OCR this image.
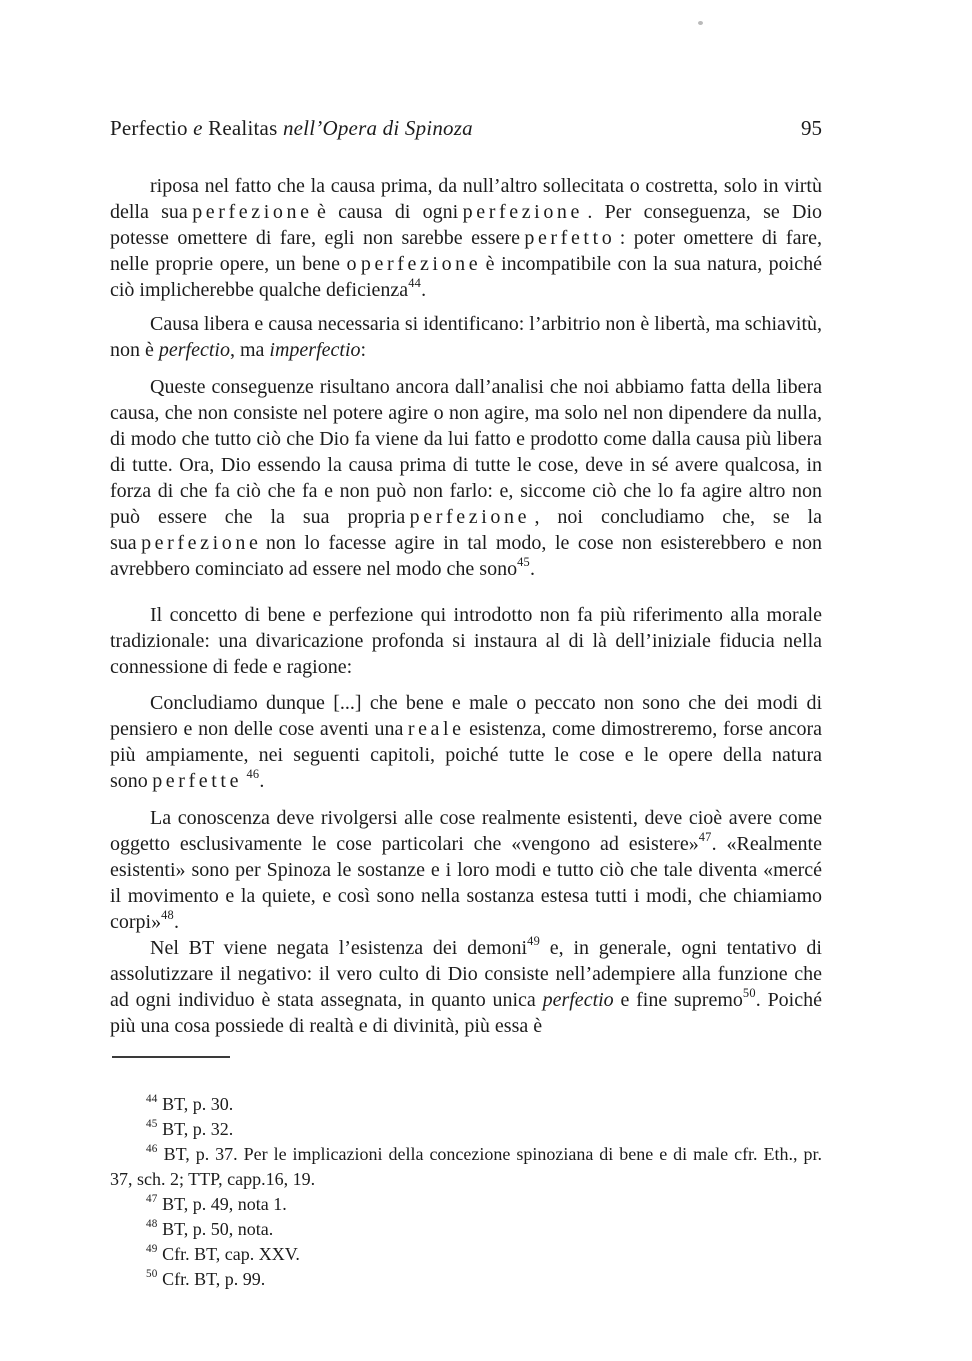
Perfectio e Realitas nell’Opera di Spinoza	95

riposa nel fatto che la causa prima, da null’altro sollecitata o costretta, solo in virtù della sua perfezione è causa di ogni perfezione . Per conseguenza, se Dio potesse omettere di fare, egli non sarebbe essere perfetto : poter omettere di fare, nelle proprie opere, un bene o perfezione è incompatibile con la sua natura, poiché ciò implicherebbe qualche deficienza$^{44}$.

Causa libera e causa necessaria si identificano: l’arbitrio non è libertà, ma schiavitù, non è perfectio, ma imperfectio:

Queste conseguenze risultano ancora dall’analisi che noi abbiamo fatta della libera causa, che non consiste nel potere agire o non agire, ma solo nel non dipendere da nulla, di modo che tutto ciò che Dio fa viene da lui fatto e prodotto come dalla causa più libera di tutte. Ora, Dio essendo la causa prima di tutte le cose, deve in sé avere qualcosa, in forza di che fa ciò che fa e non può non farlo: e, siccome ciò che lo fa agire altro non può essere che la sua propria perfezione , noi concludiamo che, se la sua perfezione non lo facesse agire in tal modo, le cose non esisterebbero e non avrebbero cominciato ad essere nel modo che sono$^{45}$.

Il concetto di bene e perfezione qui introdotto non fa più riferimento alla morale tradizionale: una divaricazione profonda si instaura al di là dell’iniziale fiducia nella connessione di fede e ragione:

Concludiamo dunque [...] che bene e male o peccato non sono che dei modi di pensiero e non delle cose aventi una reale esistenza, come dimostreremo, forse ancora più ampiamente, nei seguenti capitoli, poiché tutte le cose e le opere della natura sono perfette $^{46}$.

La conoscenza deve rivolgersi alle cose realmente esistenti, deve cioè avere come oggetto esclusivamente le cose particolari che «vengono ad esistere»$^{47}$. «Realmente esistenti» sono per Spinoza le sostanze e i loro modi e tutto ciò che tale diventa «mercé il movimento e la quiete, e così sono nella sostanza estesa tutti i modi, che chiamiamo corpi»$^{48}$.

Nel BT viene negata l’esistenza dei demoni$^{49}$ e, in generale, ogni tentativo di assolutizzare il negativo: il vero culto di Dio consiste nell’adempiere alla funzione che ad ogni individuo è stata assegnata, in quanto unica perfectio e fine supremo$^{50}$. Poiché più una cosa possiede di realtà e di divinità, più essa è

$^{44}$ BT, p. 30.

$^{45}$ BT, p. 32.

$^{46}$ BT, p. 37. Per le implicazioni della concezione spinoziana di bene e di male cfr. Eth., pr. 37, sch. 2; TTP, capp.16, 19.

$^{47}$ BT, p. 49, nota 1.

$^{48}$ BT, p. 50, nota.

$^{49}$ Cfr. BT, cap. XXV.

$^{50}$ Cfr. BT, p. 99.
